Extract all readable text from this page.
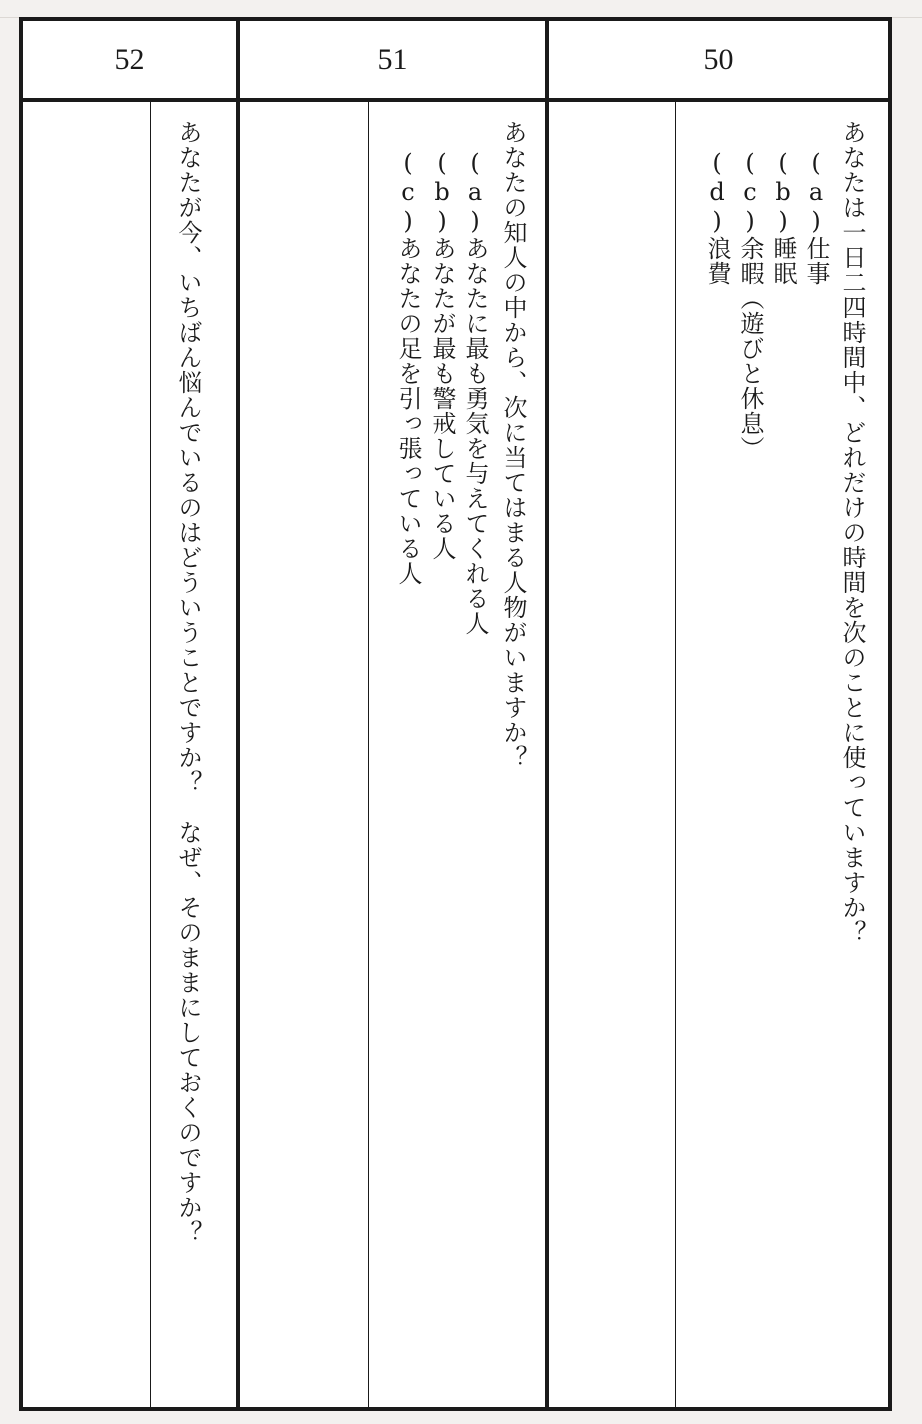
52	51	50
あなたが今、いちばん悩んでいるのはどういうことですか？　なぜ、そのままにしておくのですか？	あなたの知人の中から、次に当てはまる人物がいますか？
(a)あなたに最も勇気を与えてくれる人
(b)あなたが最も警戒している人
(c)あなたの足を引っ張っている人	あなたは一日二四時間中、どれだけの時間を次のことに使っていますか？
(a)仕事
(b)睡眠
(c)余暇（遊びと休息）
(d)浪費
